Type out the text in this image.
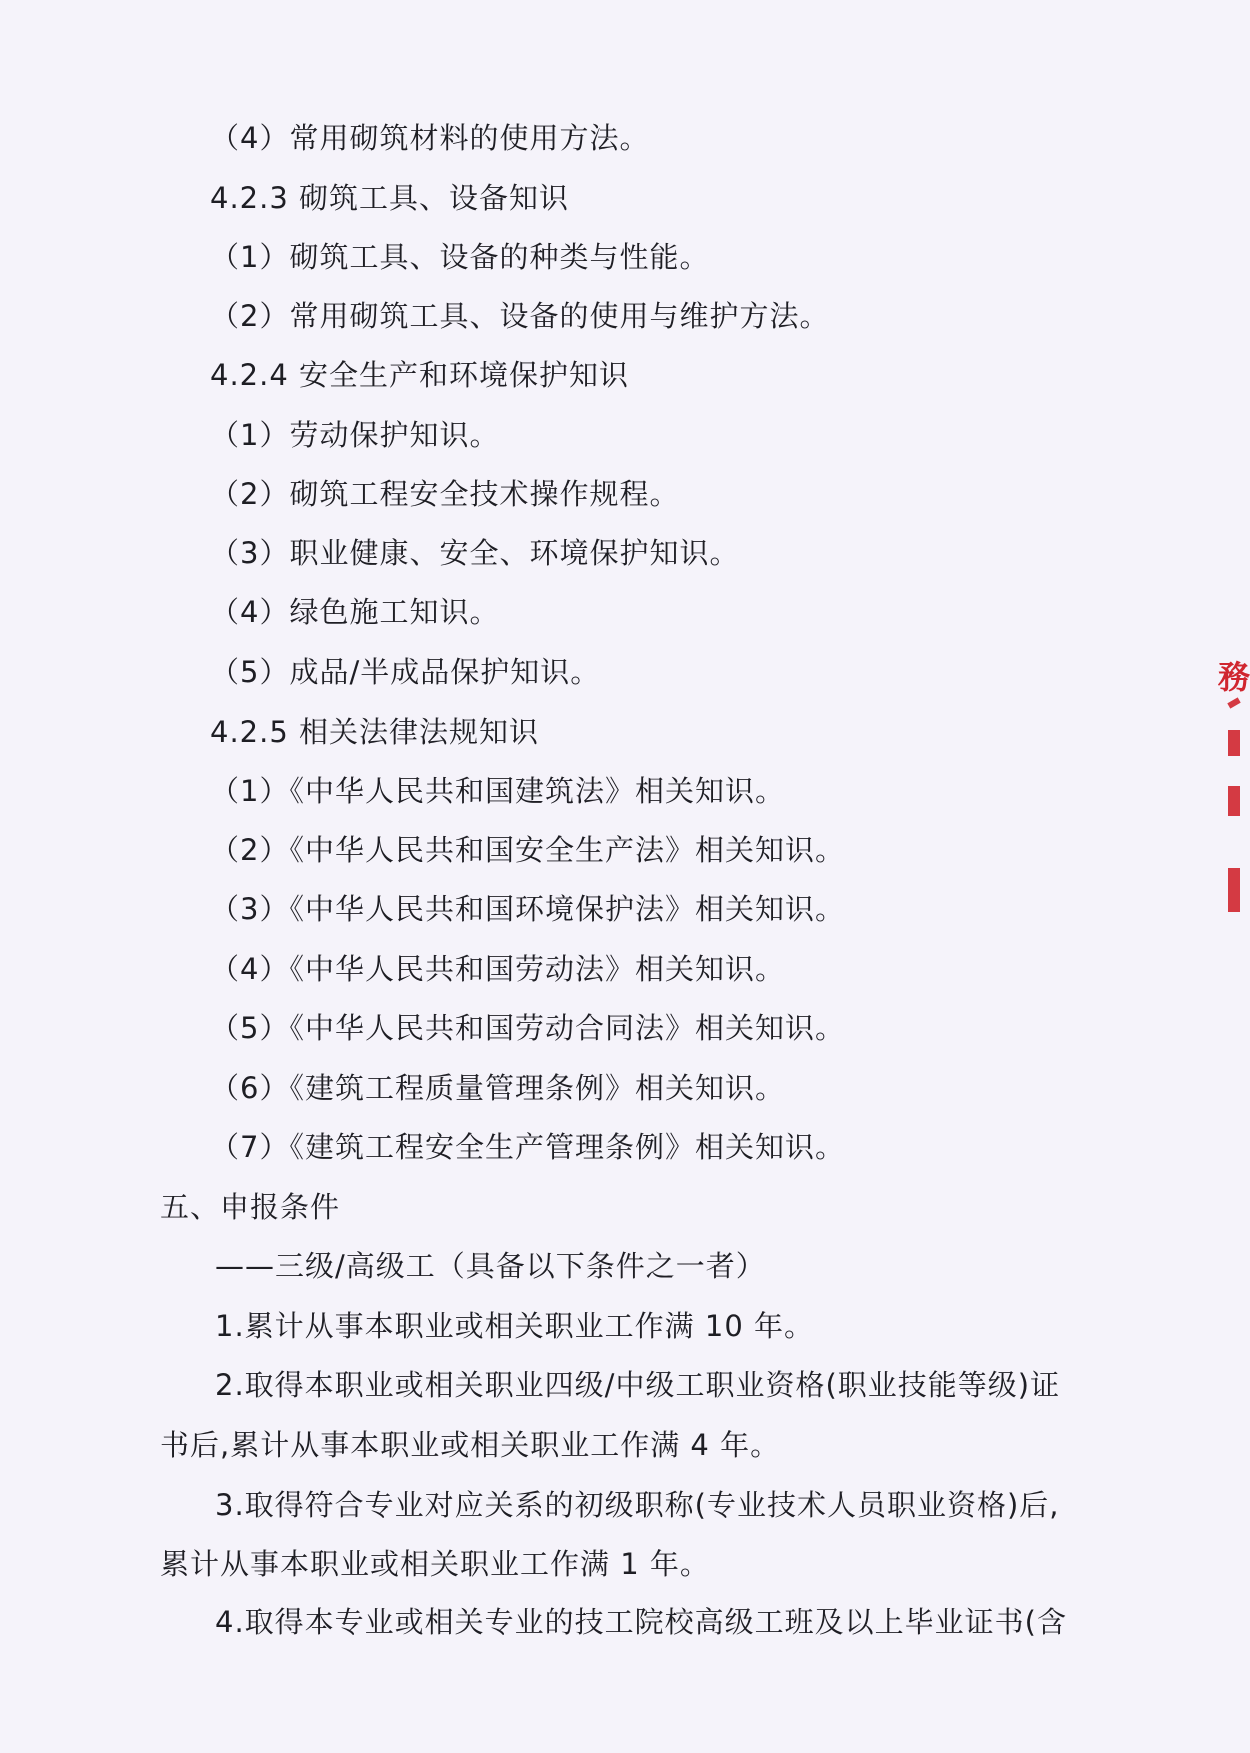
（4）常用砌筑材料的使用方法。
4.2.3 砌筑工具、设备知识
（1）砌筑工具、设备的种类与性能。
（2）常用砌筑工具、设备的使用与维护方法。
4.2.4 安全生产和环境保护知识
（1）劳动保护知识。
（2）砌筑工程安全技术操作规程。
（3）职业健康、安全、环境保护知识。
（4）绿色施工知识。
（5）成品/半成品保护知识。
4.2.5 相关法律法规知识
（1）《中华人民共和国建筑法》相关知识。
（2）《中华人民共和国安全生产法》相关知识。
（3）《中华人民共和国环境保护法》相关知识。
（4）《中华人民共和国劳动法》相关知识。
（5）《中华人民共和国劳动合同法》相关知识。
（6）《建筑工程质量管理条例》相关知识。
（7）《建筑工程安全生产管理条例》相关知识。
五、申报条件
——三级/高级工（具备以下条件之一者）
1.累计从事本职业或相关职业工作满 10 年。
2.取得本职业或相关职业四级/中级工职业资格(职业技能等级)证
书后,累计从事本职业或相关职业工作满 4 年。
3.取得符合专业对应关系的初级职称(专业技术人员职业资格)后,
累计从事本职业或相关职业工作满 1 年。
4.取得本专业或相关专业的技工院校高级工班及以上毕业证书(含
務
